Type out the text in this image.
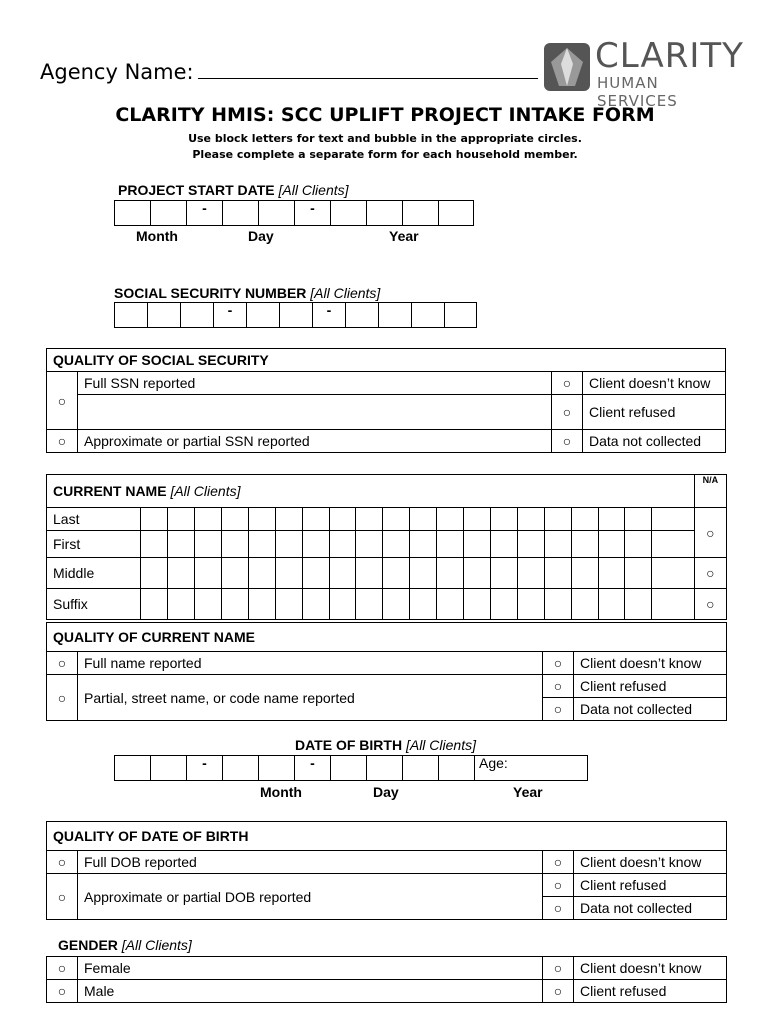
Agency Name:	CLARITY
HUMAN SERVICES
CLARITY HMIS: SCC UPLIFT PROJECT INTAKE FORM
Use block letters for text and bubble in the appropriate circles.
Please complete a separate form for each household member.
PROJECT START DATE [All Clients]
-	-
Month	Day	Year
SOCIAL SECURITY NUMBER [All Clients]
-	-
QUALITY OF SOCIAL SECURITY			
○	Full SSN reported	○	Client doesn’t know
		○	Client refused
○	Approximate or partial SSN reported	○	Data not collected
CURRENT NAME [All Clients]																					N/A
Last																					○
First																					
Middle																					○
Suffix																					○
QUALITY OF CURRENT NAME			
○	Full name reported	○	Client doesn’t know
○	Partial, street name, or code name reported	○	Client refused
		○	Data not collected
DATE OF BIRTH [All Clients]
-	-	Age:
Month	Day	Year
QUALITY OF DATE OF BIRTH			
○	Full DOB reported	○	Client doesn’t know
○	Approximate or partial DOB reported	○	Client refused
		○	Data not collected
GENDER [All Clients]
○	Female	○	Client doesn’t know
○	Male	○	Client refused
